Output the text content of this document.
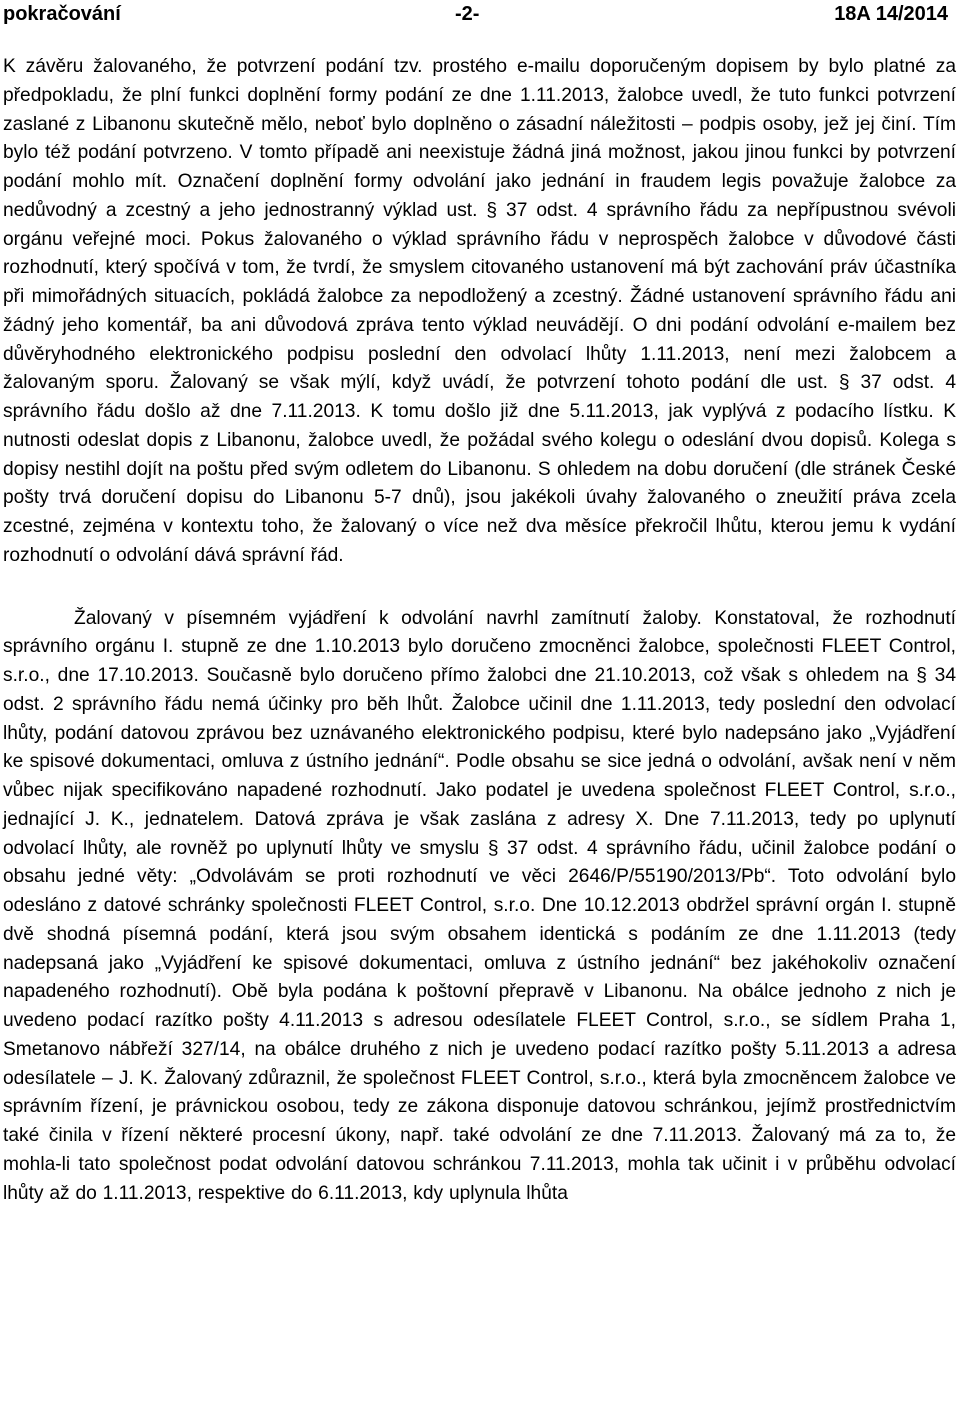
pokračování	-2-	18A 14/2014

K závěru žalovaného, že potvrzení podání tzv. prostého e-mailu doporučeným dopisem by bylo platné za předpokladu, že plní funkci doplnění formy podání ze dne 1.11.2013, žalobce uvedl, že tuto funkci potvrzení zaslané z Libanonu skutečně mělo, neboť bylo doplněno o zásadní náležitosti – podpis osoby, jež jej činí. Tím bylo též podání potvrzeno. V tomto případě ani neexistuje žádná jiná možnost, jakou jinou funkci by potvrzení podání mohlo mít. Označení doplnění formy odvolání jako jednání in fraudem legis považuje žalobce za nedůvodný a zcestný a jeho jednostranný výklad ust. § 37 odst. 4 správního řádu za nepřípustnou svévoli orgánu veřejné moci. Pokus žalovaného o výklad správního řádu v neprospěch žalobce v důvodové části rozhodnutí, který spočívá v tom, že tvrdí, že smyslem citovaného ustanovení má být zachování práv účastníka při mimořádných situacích, pokládá žalobce za nepodložený a zcestný. Žádné ustanovení správního řádu ani žádný jeho komentář, ba ani důvodová zpráva tento výklad neuvádějí. O dni podání odvolání e-mailem bez důvěryhodného elektronického podpisu poslední den odvolací lhůty 1.11.2013, není mezi žalobcem a žalovaným sporu. Žalovaný se však mýlí, když uvádí, že potvrzení tohoto podání dle ust. § 37 odst. 4 správního řádu došlo až dne 7.11.2013. K tomu došlo již dne 5.11.2013, jak vyplývá z podacího lístku. K nutnosti odeslat dopis z Libanonu, žalobce uvedl, že požádal svého kolegu o odeslání dvou dopisů. Kolega s dopisy nestihl dojít na poštu před svým odletem do Libanonu. S ohledem na dobu doručení (dle stránek České pošty trvá doručení dopisu do Libanonu 5-7 dnů), jsou jakékoli úvahy žalovaného o zneužití práva zcela zcestné, zejména v kontextu toho, že žalovaný o více než dva měsíce překročil lhůtu, kterou jemu k vydání rozhodnutí o odvolání dává správní řád.

Žalovaný v písemném vyjádření k odvolání navrhl zamítnutí žaloby. Konstatoval, že rozhodnutí správního orgánu I. stupně ze dne 1.10.2013 bylo doručeno zmocněnci žalobce, společnosti FLEET Control, s.r.o., dne 17.10.2013. Současně bylo doručeno přímo žalobci dne 21.10.2013, což však s ohledem na § 34 odst. 2 správního řádu nemá účinky pro běh lhůt. Žalobce učinil dne 1.11.2013, tedy poslední den odvolací lhůty, podání datovou zprávou bez uznávaného elektronického podpisu, které bylo nadepsáno jako „Vyjádření ke spisové dokumentaci, omluva z ústního jednání“. Podle obsahu se sice jedná o odvolání, avšak není v něm vůbec nijak specifikováno napadené rozhodnutí. Jako podatel je uvedena společnost FLEET Control, s.r.o., jednající J. K., jednatelem. Datová zpráva je však zaslána z adresy X. Dne 7.11.2013, tedy po uplynutí odvolací lhůty, ale rovněž po uplynutí lhůty ve smyslu § 37 odst. 4 správního řádu, učinil žalobce podání o obsahu jedné věty: „Odvolávám se proti rozhodnutí ve věci 2646/P/55190/2013/Pb“. Toto odvolání bylo odesláno z datové schránky společnosti FLEET Control, s.r.o. Dne 10.12.2013 obdržel správní orgán I. stupně dvě shodná písemná podání, která jsou svým obsahem identická s podáním ze dne 1.11.2013 (tedy nadepsaná jako „Vyjádření ke spisové dokumentaci, omluva z ústního jednání“ bez jakéhokoliv označení napadeného rozhodnutí). Obě byla podána k poštovní přepravě v Libanonu. Na obálce jednoho z nich je uvedeno podací razítko pošty 4.11.2013 s adresou odesílatele FLEET Control, s.r.o., se sídlem Praha 1, Smetanovo nábřeží 327/14, na obálce druhého z nich je uvedeno podací razítko pošty 5.11.2013 a adresa odesílatele – J. K. Žalovaný zdůraznil, že společnost FLEET Control, s.r.o., která byla zmocněncem žalobce ve správním řízení, je právnickou osobou, tedy ze zákona disponuje datovou schránkou, jejímž prostřednictvím také činila v řízení některé procesní úkony, např. také odvolání ze dne 7.11.2013. Žalovaný má za to, že mohla-li tato společnost podat odvolání datovou schránkou 7.11.2013, mohla tak učinit i v průběhu odvolací lhůty až do 1.11.2013, respektive do 6.11.2013, kdy uplynula lhůta
